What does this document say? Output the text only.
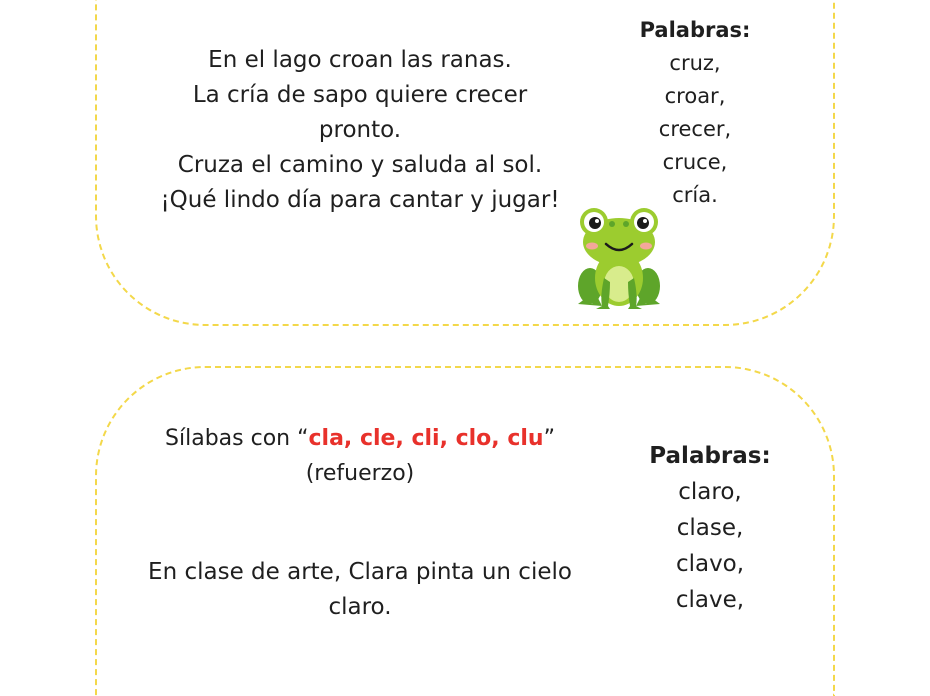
En el lago croan las ranas.
La cría de sapo quiere crecer
pronto.
Cruza el camino y saluda al sol.
¡Qué lindo día para cantar y jugar!
Palabras:
cruz,
croar,
crecer,
cruce,
cría.
Sílabas con “cla, cle, cli, clo, clu”
(refuerzo)
En clase de arte, Clara pinta un cielo
claro.
Palabras:
claro,
clase,
clavo,
clave,
